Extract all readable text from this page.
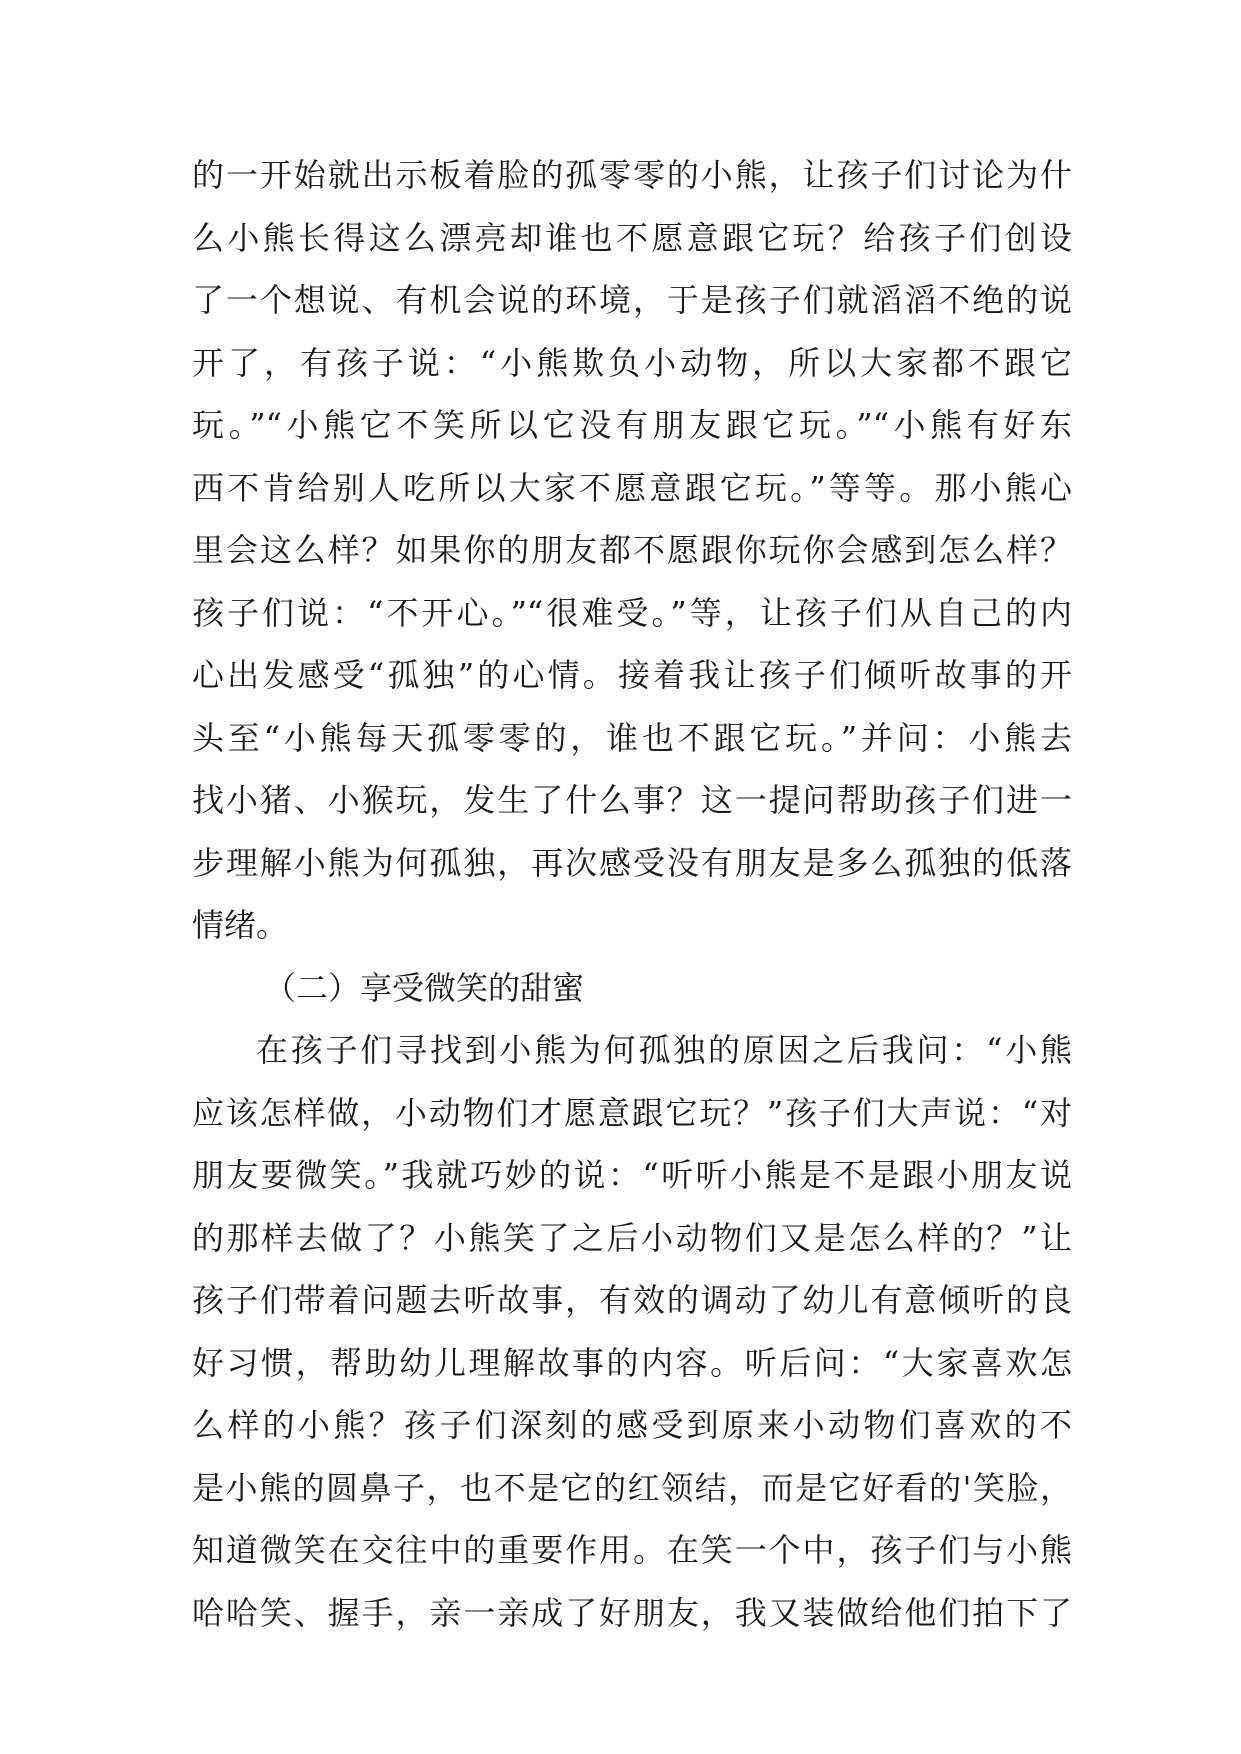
的一开始就出示板着脸的孤零零的小熊，让孩子们讨论为什
么小熊长得这么漂亮却谁也不愿意跟它玩？给孩子们创设
了一个想说、有机会说的环境，于是孩子们就滔滔不绝的说
开了，有孩子说：“小熊欺负小动物，所以大家都不跟它
玩。”“小熊它不笑所以它没有朋友跟它玩。”“小熊有好东
西不肯给别人吃所以大家不愿意跟它玩。”等等。那小熊心
里会这么样？如果你的朋友都不愿跟你玩你会感到怎么样？
孩子们说：“不开心。”“很难受。”等，让孩子们从自己的内
心出发感受“孤独”的心情。接着我让孩子们倾听故事的开
头至“小熊每天孤零零的，谁也不跟它玩。”并问：小熊去
找小猪、小猴玩，发生了什么事？这一提问帮助孩子们进一
步理解小熊为何孤独，再次感受没有朋友是多么孤独的低落
情绪。
（二）享受微笑的甜蜜
在孩子们寻找到小熊为何孤独的原因之后我问：“小熊
应该怎样做，小动物们才愿意跟它玩？”孩子们大声说：“对
朋友要微笑。”我就巧妙的说：“听听小熊是不是跟小朋友说
的那样去做了？小熊笑了之后小动物们又是怎么样的？”让
孩子们带着问题去听故事，有效的调动了幼儿有意倾听的良
好习惯，帮助幼儿理解故事的内容。听后问：“大家喜欢怎
么样的小熊？孩子们深刻的感受到原来小动物们喜欢的不
是小熊的圆鼻子，也不是它的红领结，而是它好看的'笑脸，
知道微笑在交往中的重要作用。在笑一个中，孩子们与小熊
哈哈笑、握手，亲一亲成了好朋友，我又装做给他们拍下了
